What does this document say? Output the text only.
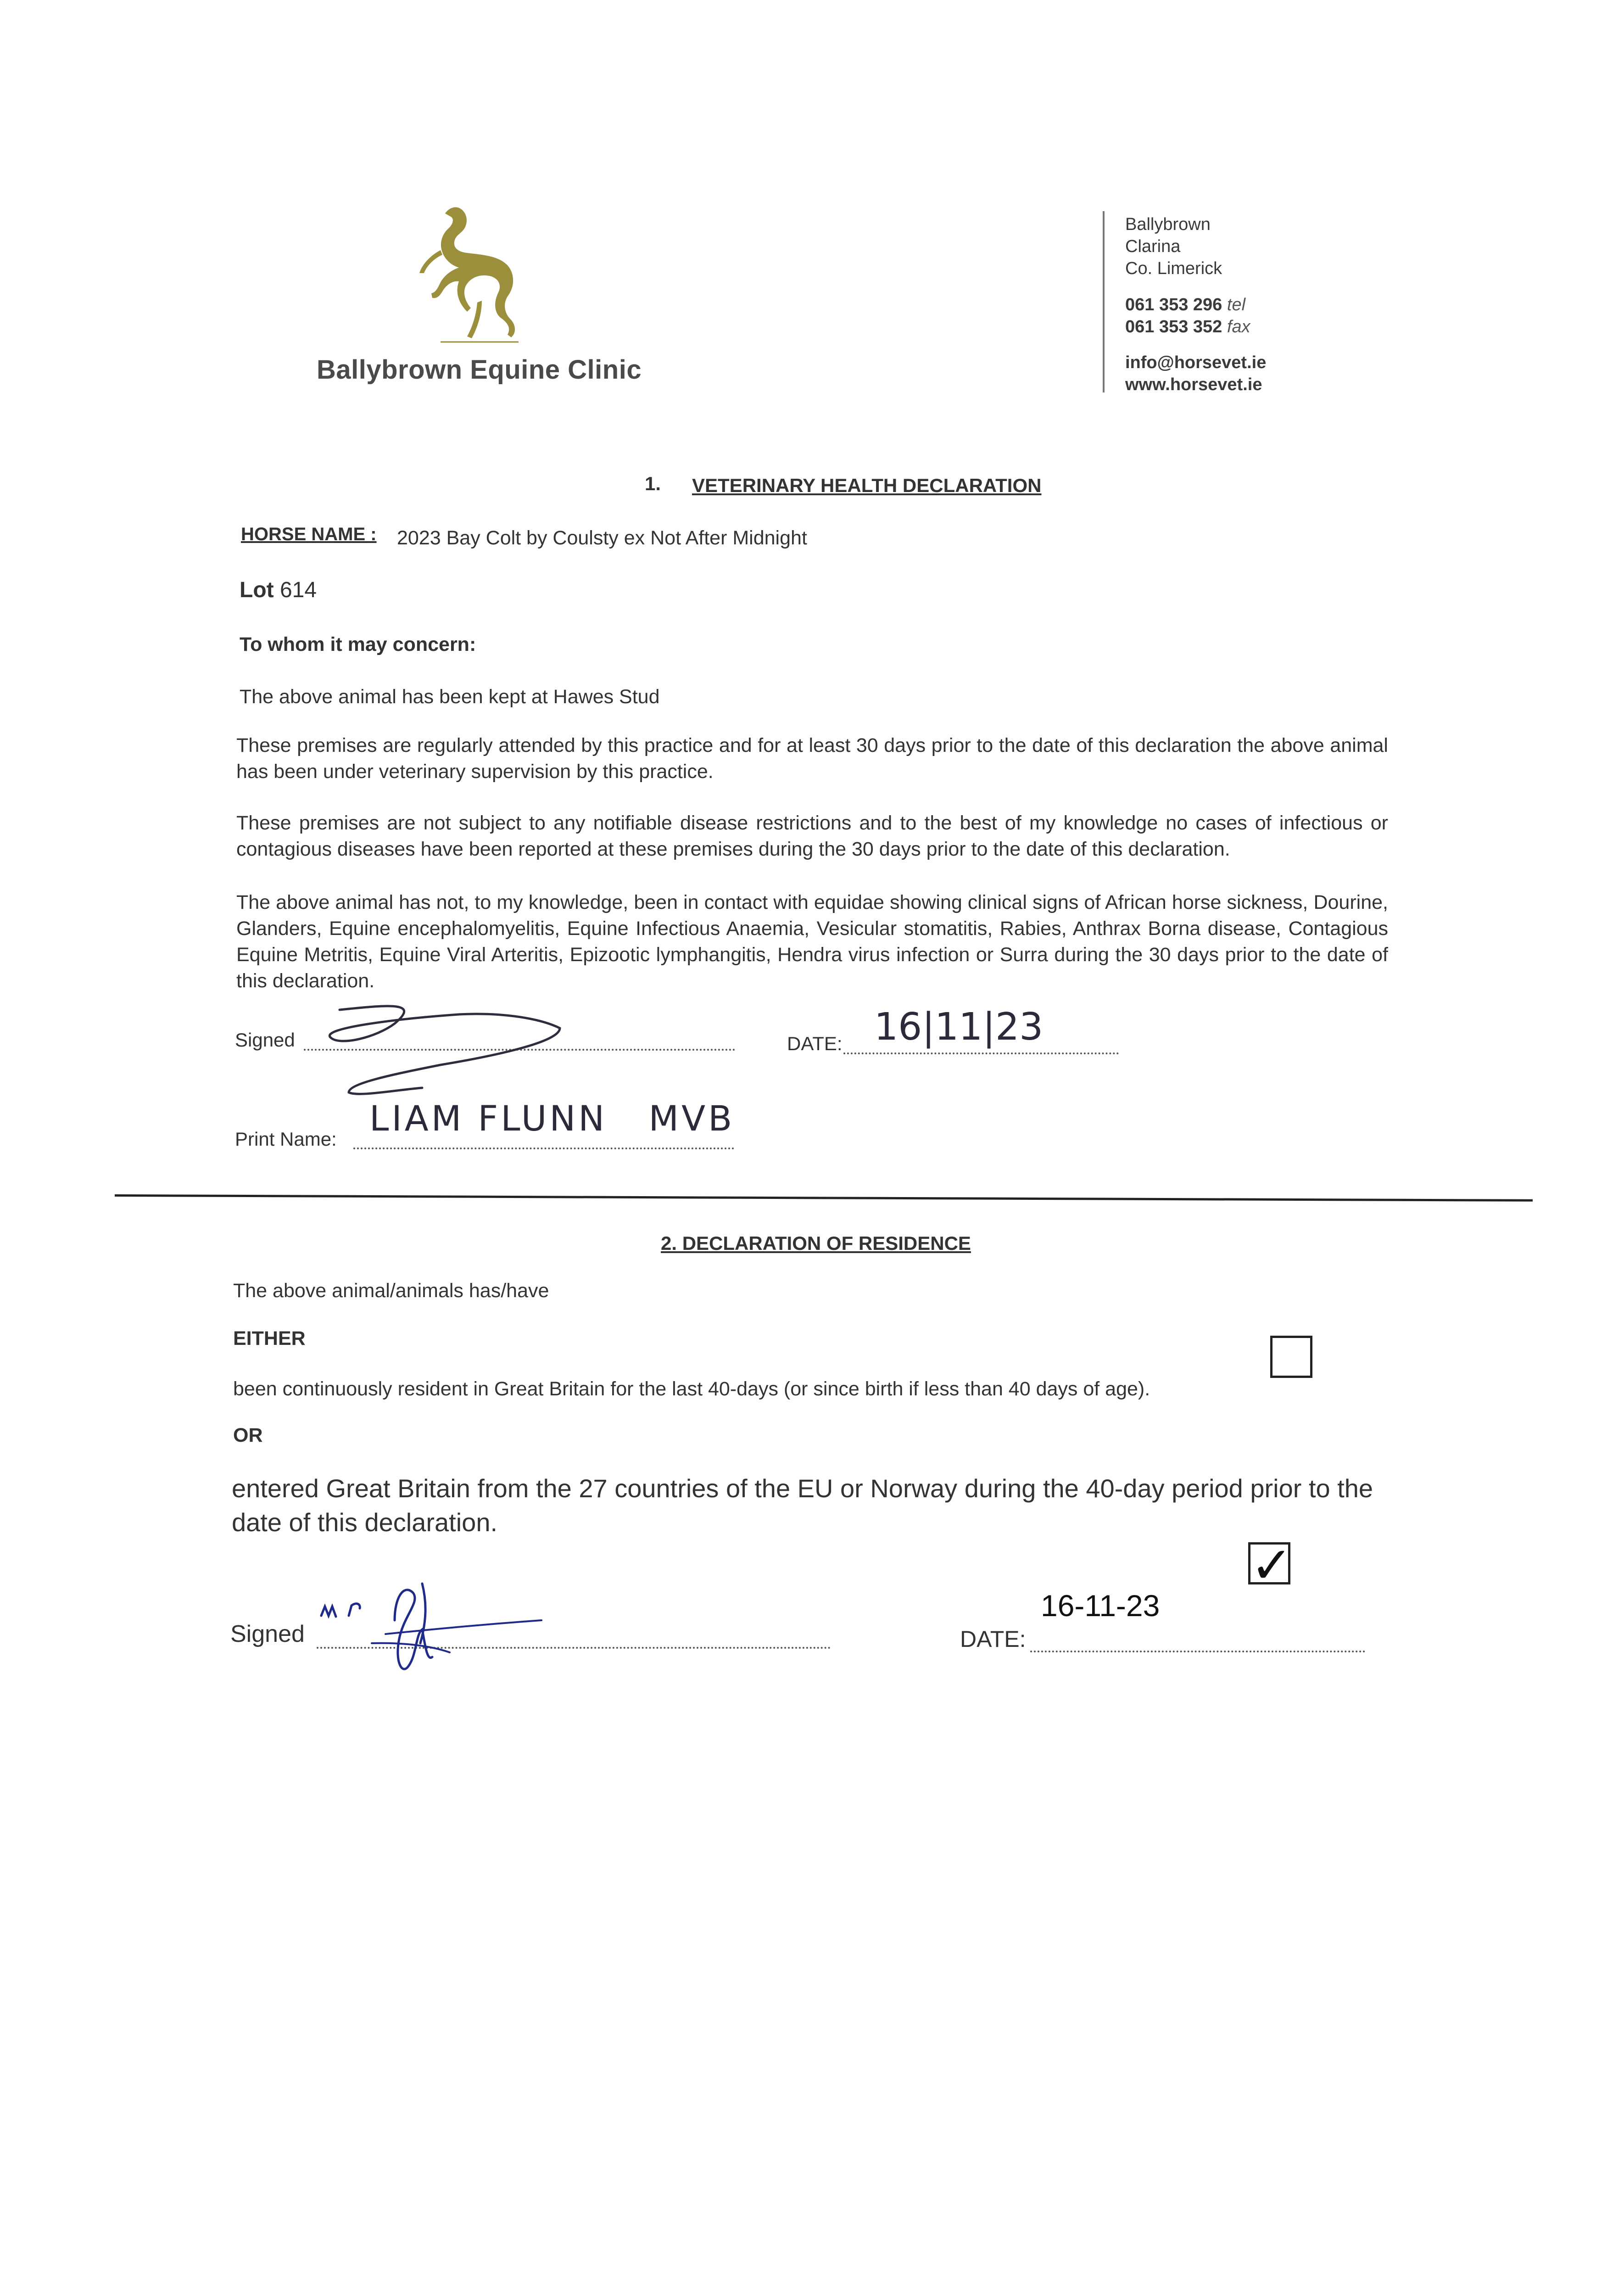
Ballybrown Equine Clinic
Ballybrown
Clarina
Co. Limerick
061 353 296 tel
061 353 352 fax
info@horsevet.ie
www.horsevet.ie
1. VETERINARY HEALTH DECLARATION
HORSE NAME : 2023 Bay Colt by Coulsty ex Not After Midnight
Lot 614
To whom it may concern:
The above animal has been kept at Hawes Stud
These premises are regularly attended by this practice and for at least 30 days prior to the date of this declaration the above animal has been under veterinary supervision by this practice.
These premises are not subject to any notifiable disease restrictions and to the best of my knowledge no cases of infectious or contagious diseases have been reported at these premises during the 30 days prior to the date of this declaration.
The above animal has not, to my knowledge, been in contact with equidae showing clinical signs of African horse sickness, Dourine, Glanders, Equine encephalomyelitis, Equine Infectious Anaemia, Vesicular stomatitis, Rabies, Anthrax Borna disease, Contagious Equine Metritis, Equine Viral Arteritis, Epizootic lymphangitis, Hendra virus infection or Surra during the 30 days prior to the date of this declaration.
Signed	DATE: 16|11|23
Print Name:
LIAM FLUNN   MVB
2. DECLARATION OF RESIDENCE
The above animal/animals has/have
EITHER
been continuously resident in Great Britain for the last 40-days (or since birth if less than 40 days of age).
OR
entered Great Britain from the 27 countries of the EU or Norway during the 40-day period prior to the date of this declaration.
✓
Signed	DATE:
16-11-23
